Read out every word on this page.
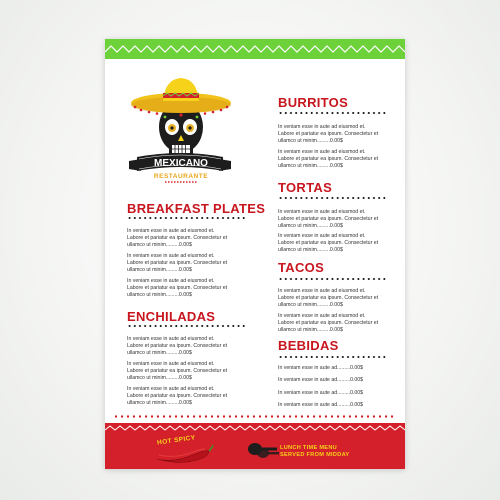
MEXICANO
RESTAURANTE
BREAKFAST PLATES

In veniam esse in aute ad eiusmod et.
Labore et pariatur ea ipsum. Consectetur et
ullamco ut minim.........0.00$

In veniam esse in aute ad eiusmod et.
Labore et pariatur ea ipsum. Consectetur et
ullamco ut minim.........0.00$

In veniam esse in aute ad eiusmod et.
Labore et pariatur ea ipsum. Consectetur et
ullamco ut minim.........0.00$

ENCHILADAS

In veniam esse in aute ad eiusmod et.
Labore et pariatur ea ipsum. Consectetur et
ullamco ut minim.........0.00$

In veniam esse in aute ad eiusmod et.
Labore et pariatur ea ipsum. Consectetur et
ullamco ut minim.........0.00$

In veniam esse in aute ad eiusmod et.
Labore et pariatur ea ipsum. Consectetur et
ullamco ut minim.........0.00$

BURRITOS

In veniam esse in aute ad eiusmod et.
Labore et pariatur ea ipsum. Consectetur et
ullamco ut minim.........0.00$

In veniam esse in aute ad eiusmod et.
Labore et pariatur ea ipsum. Consectetur et
ullamco ut minim.........0.00$

TORTAS

In veniam esse in aute ad eiusmod et.
Labore et pariatur ea ipsum. Consectetur et
ullamco ut minim.........0.00$

In veniam esse in aute ad eiusmod et.
Labore et pariatur ea ipsum. Consectetur et
ullamco ut minim.........0.00$

TACOS

In veniam esse in aute ad eiusmod et.
Labore et pariatur ea ipsum. Consectetur et
ullamco ut minim.........0.00$

In veniam esse in aute ad eiusmod et.
Labore et pariatur ea ipsum. Consectetur et
ullamco ut minim.........0.00$

BEBIDAS

In veniam esse in aute ad.........0.00$

In veniam esse in aute ad.........0.00$

In veniam esse in aute ad.........0.00$

In veniam esse in aute ad.........0.00$

HOT SPICY
LUNCH TIME MENU
SERVED FROM MIDDAY
